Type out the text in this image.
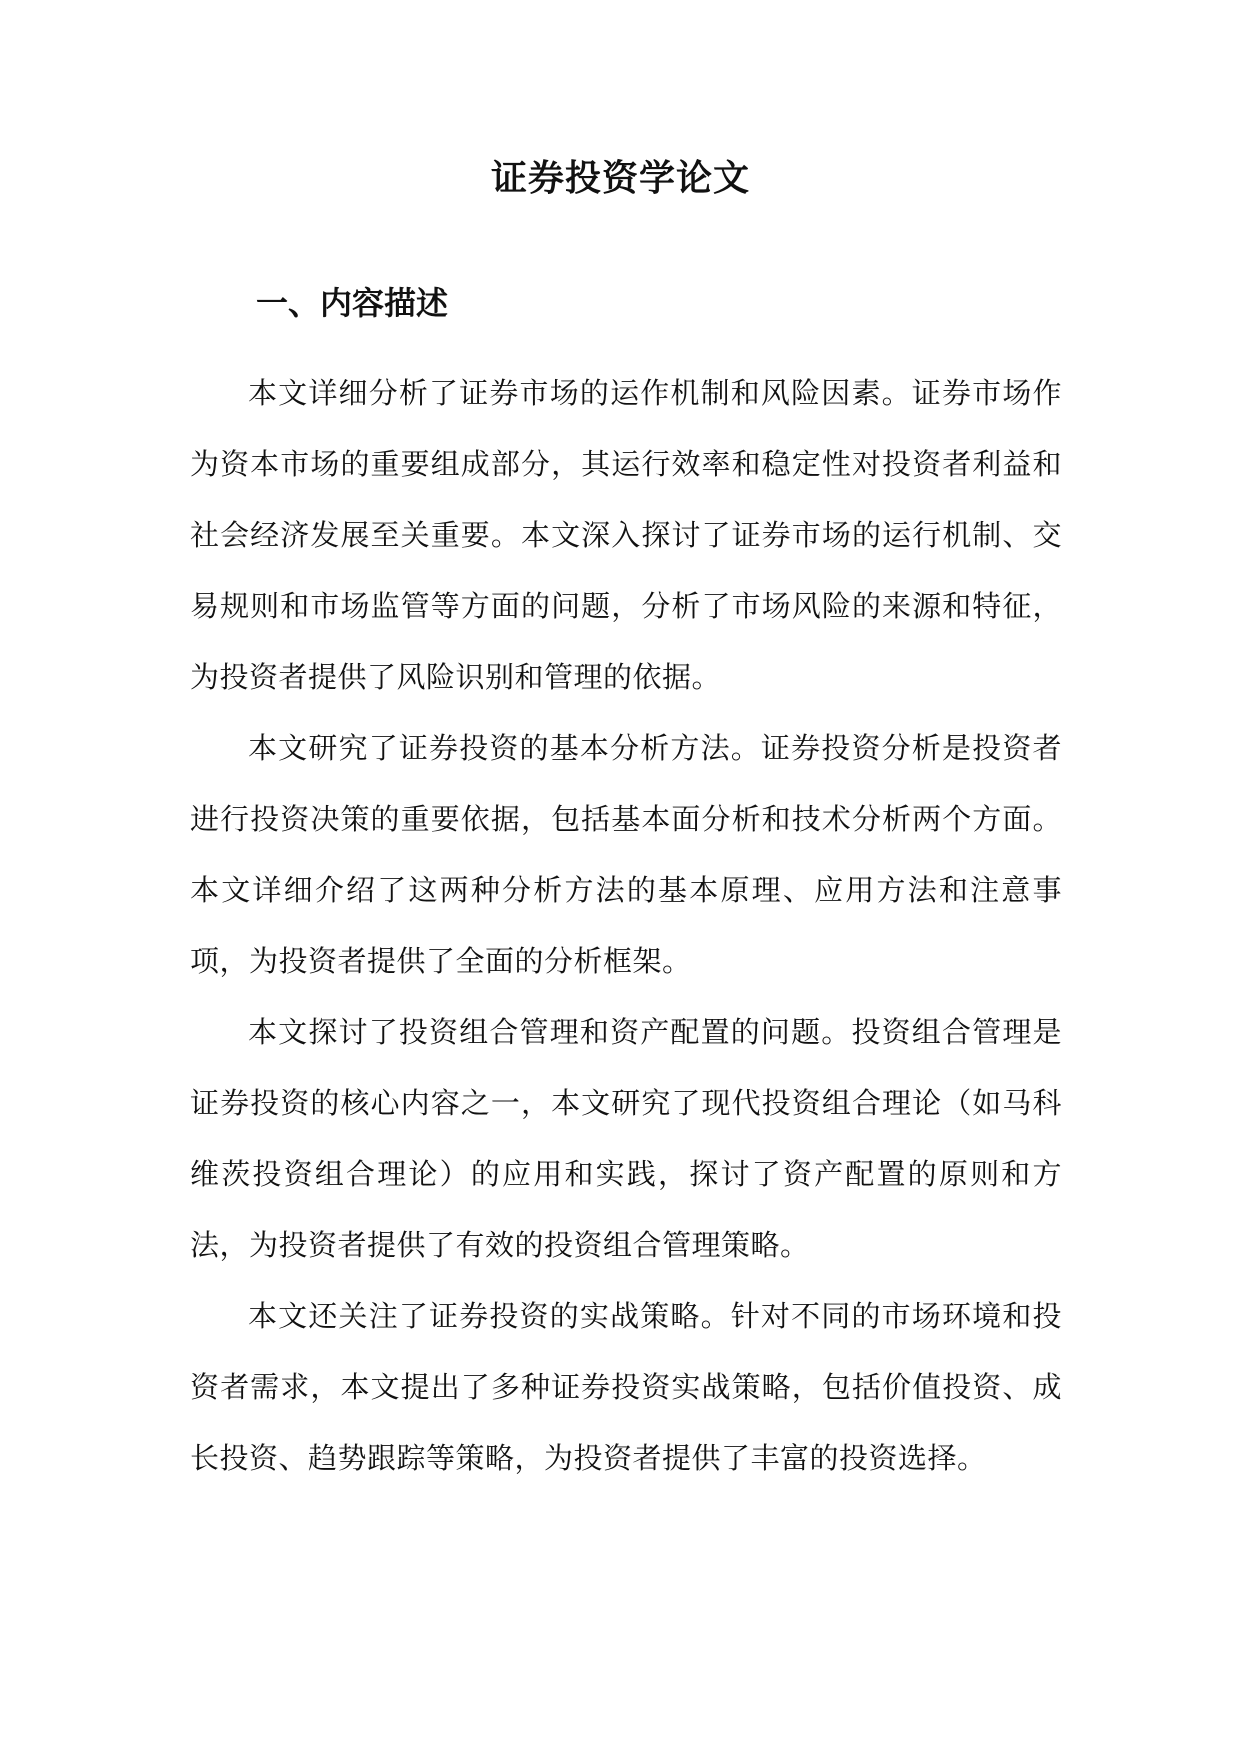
证券投资学论文
一、内容描述

本文详细分析了证券市场的运作机制和风险因素。证券市场作为资本市场的重要组成部分，其运行效率和稳定性对投资者利益和社会经济发展至关重要。本文深入探讨了证券市场的运行机制、交易规则和市场监管等方面的问题，分析了市场风险的来源和特征，为投资者提供了风险识别和管理的依据。

本文研究了证券投资的基本分析方法。证券投资分析是投资者进行投资决策的重要依据，包括基本面分析和技术分析两个方面。本文详细介绍了这两种分析方法的基本原理、应用方法和注意事项，为投资者提供了全面的分析框架。

本文探讨了投资组合管理和资产配置的问题。投资组合管理是证券投资的核心内容之一，本文研究了现代投资组合理论（如马科维茨投资组合理论）的应用和实践，探讨了资产配置的原则和方法，为投资者提供了有效的投资组合管理策略。

本文还关注了证券投资的实战策略。针对不同的市场环境和投资者需求，本文提出了多种证券投资实战策略，包括价值投资、成长投资、趋势跟踪等策略，为投资者提供了丰富的投资选择。
